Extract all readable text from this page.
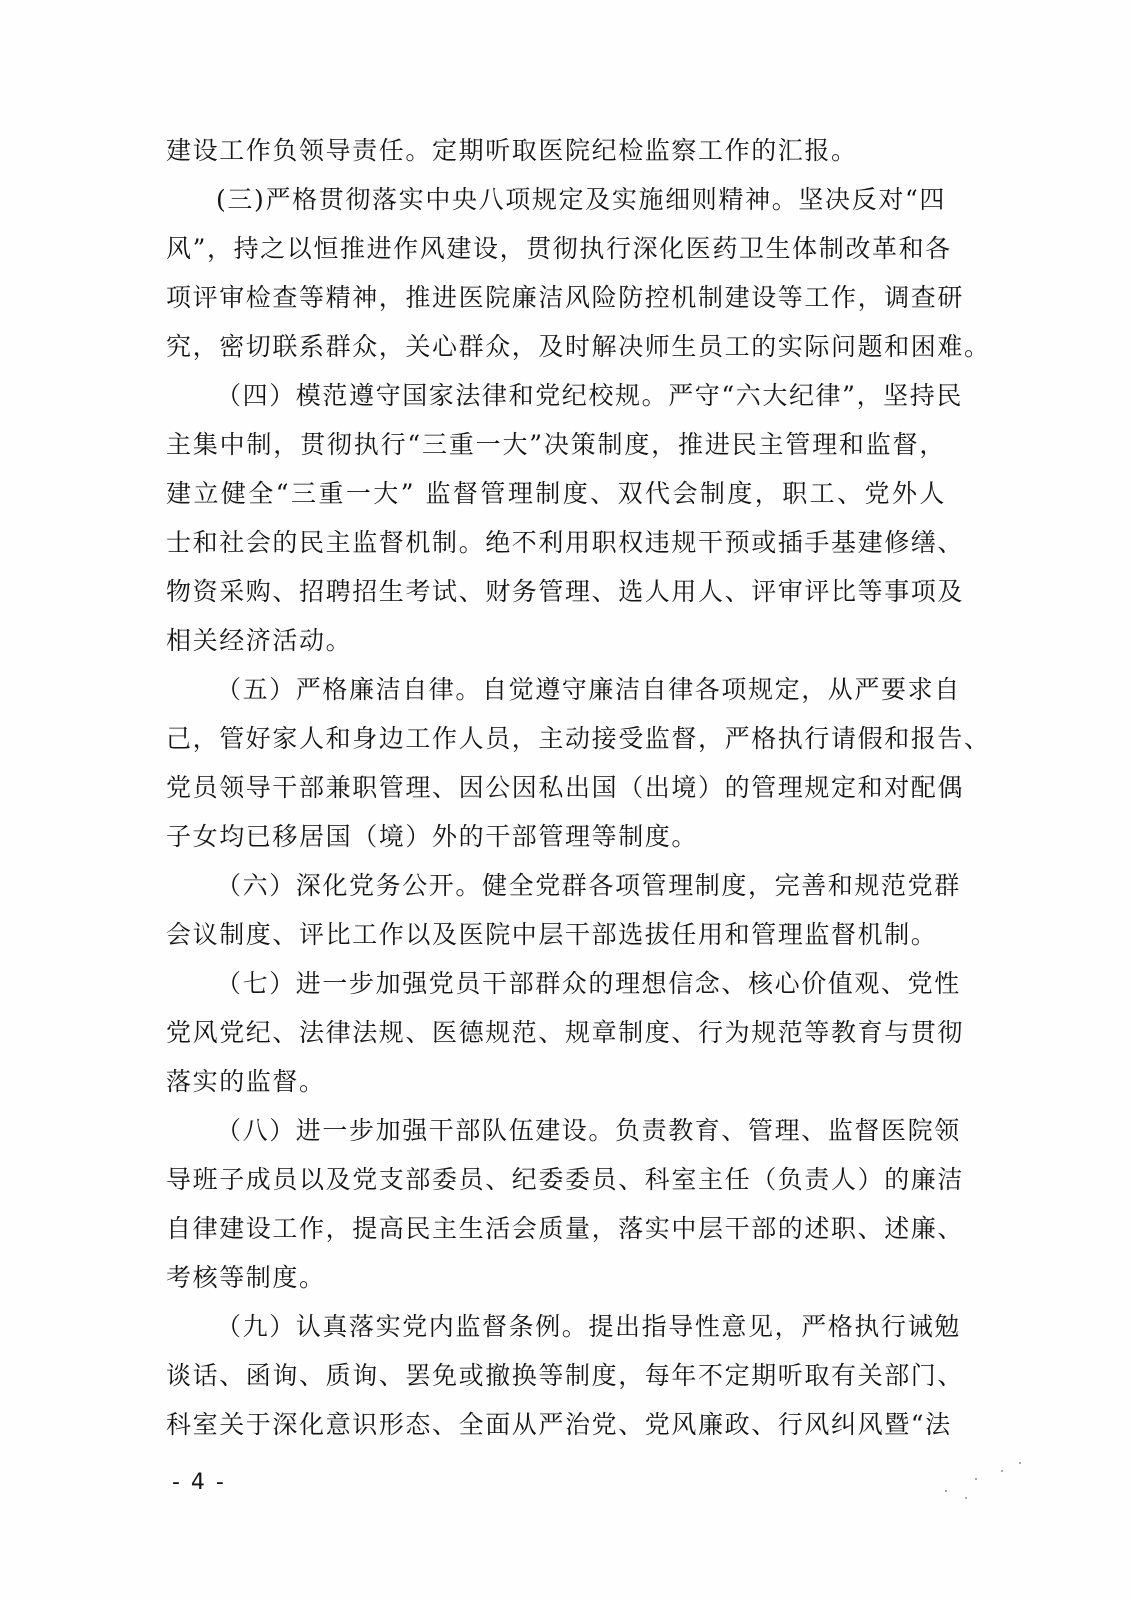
建设工作负领导责任。定期听取医院纪检监察工作的汇报。
(三)严格贯彻落实中央八项规定及实施细则精神。坚决反对“四
风”，持之以恒推进作风建设，贯彻执行深化医药卫生体制改革和各
项评审检查等精神，推进医院廉洁风险防控机制建设等工作，调查研
究，密切联系群众，关心群众，及时解决师生员工的实际问题和困难。
（四）模范遵守国家法律和党纪校规。严守“六大纪律”，坚持民
主集中制，贯彻执行“三重一大”决策制度，推进民主管理和监督，
建立健全“三重一大” 监督管理制度、双代会制度，职工、党外人
士和社会的民主监督机制。绝不利用职权违规干预或插手基建修缮、
物资采购、招聘招生考试、财务管理、选人用人、评审评比等事项及
相关经济活动。
（五）严格廉洁自律。自觉遵守廉洁自律各项规定，从严要求自
己，管好家人和身边工作人员，主动接受监督，严格执行请假和报告、
党员领导干部兼职管理、因公因私出国（出境）的管理规定和对配偶
子女均已移居国（境）外的干部管理等制度。
（六）深化党务公开。健全党群各项管理制度，完善和规范党群
会议制度、评比工作以及医院中层干部选拔任用和管理监督机制。
（七）进一步加强党员干部群众的理想信念、核心价值观、党性
党风党纪、法律法规、医德规范、规章制度、行为规范等教育与贯彻
落实的监督。
（八）进一步加强干部队伍建设。负责教育、管理、监督医院领
导班子成员以及党支部委员、纪委委员、科室主任（负责人）的廉洁
自律建设工作，提高民主生活会质量，落实中层干部的述职、述廉、
考核等制度。
（九）认真落实党内监督条例。提出指导性意见，严格执行诫勉
谈话、函询、质询、罢免或撤换等制度，每年不定期听取有关部门、
科室关于深化意识形态、全面从严治党、党风廉政、行风纠风暨“法
- 4 -
